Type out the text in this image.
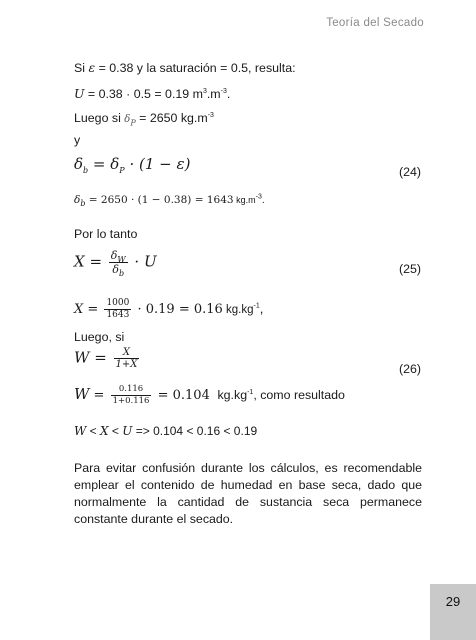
Teoría del Secado
Si ε = 0.38 y la saturación = 0.5, resulta:
U = 0.38 · 0.5 = 0.19 $m^3.m^{-3}$.
Luego si $\delta_P = 2650$ $kg.m^{-3}$
y
$\delta_b = \delta_P \cdot (1 - \varepsilon)$	(24)
$\delta_b = 2650 \cdot (1 - 0.38) = 1643$ $kg.m^{-3}$.
Por lo tanto
$X = \frac{\delta_W}{\delta_b} \cdot U$	(25)
$X = \frac{1000}{1643} \cdot 0.19 = 0.16$ $kg.kg^{-1}$,
Luego, si
$W = \frac{X}{1+X}$	(26)
$W = \frac{0.116}{1+0.116} = 0.104$ $kg.kg^{-1}$, como resultado
W < X < U => 0.104 < 0.16 < 0.19
Para evitar confusión durante los cálculos, es recomendable emplear el contenido de humedad en base seca, dado que normalmente la cantidad de sustancia seca permanece constante durante el secado.
29
